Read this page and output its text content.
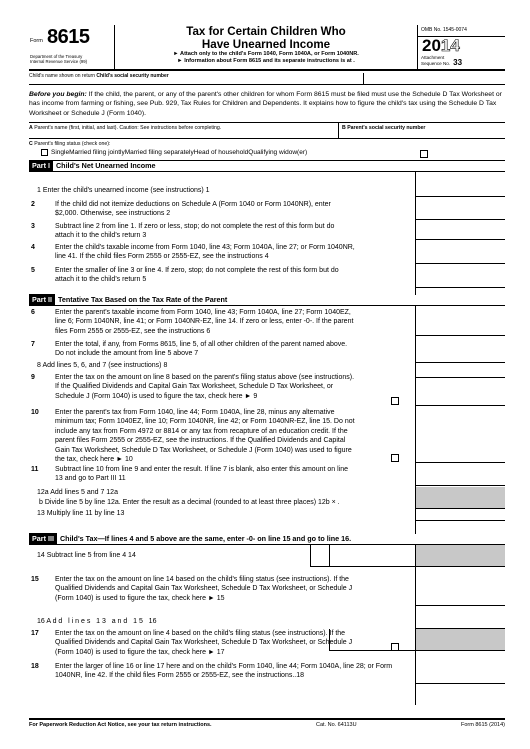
Form 8615
Department of the Treasury
Internal Revenue Service (99)
Tax for Certain Children Who
Have Unearned Income
► Attach only to the child's Form 1040, Form 1040A, or Form 1040NR.
► Information about Form 8615 and its separate instructions is at .
OMB No. 1545-0074
2014
Attachment
Sequence No. 33
Child's name shown on return Child's social security number
Before you begin: If the child, the parent, or any of the parent's other children for whom Form 8615 must be filed must use the Schedule D Tax Worksheet or has income from farming or fishing, see Pub. 929, Tax Rules for Children and Dependents. It explains how to figure the child's tax using the Schedule D Tax Worksheet or Schedule J (Form 1040).
A Parent's name (first, initial, and last). Caution: See instructions before completing.	B Parent's social security number
C Parent's filing status (check one):
SingleMarried filing jointlyMarried filing separatelyHead of householdQualifying widow(er)
Part I Child's Net Unearned Income
1 Enter the child's unearned income (see instructions) 1
2	If the child did not itemize deductions on Schedule A (Form 1040 or Form 1040NR), enter $2,000. Otherwise, see instructions 2
3	Subtract line 2 from line 1. If zero or less, stop; do not complete the rest of this form but do attach it to the child's return 3
4	Enter the child's taxable income from Form 1040, line 43; Form 1040A, line 27; or Form 1040NR, line 41. If the child files Form 2555 or 2555-EZ, see the instructions 4
5	Enter the smaller of line 3 or line 4. If zero, stop; do not complete the rest of this form but do attach it to the child's return 5
Part II Tentative Tax Based on the Tax Rate of the Parent
6	Enter the parent's taxable income from Form 1040, line 43; Form 1040A, line 27; Form 1040EZ, line 6; Form 1040NR, line 41; or Form 1040NR-EZ, line 14. If zero or less, enter -0-. If the parent files Form 2555 or 2555-EZ, see the instructions 6
7	Enter the total, if any, from Forms 8615, line 5, of all other children of the parent named above. Do not include the amount from line 5 above 7
8 Add lines 5, 6, and 7 (see instructions) 8
9	Enter the tax on the amount on line 8 based on the parent's filing status above (see instructions). If the Qualified Dividends and Capital Gain Tax Worksheet, Schedule D Tax Worksheet, or Schedule J (Form 1040) is used to figure the tax, check here ► 9
10 Enter the parent's tax from Form 1040, line 44; Form 1040A, line 28, minus any alternative minimum tax; Form 1040EZ, line 10; Form 1040NR, line 42; or Form 1040NR-EZ, line 15. Do not include any tax from Form 4972 or 8814 or any tax from recapture of an education credit. If the parent files Form 2555 or 2555-EZ, see the instructions. If the Qualified Dividends and Capital Gain Tax Worksheet, Schedule D Tax Worksheet, or Schedule J (Form 1040) was used to figure the tax, check here ► 10
11 Subtract line 10 from line 9 and enter the result. If line 7 is blank, also enter this amount on line 13 and go to Part III 11
12a Add lines 5 and 7 12a
b Divide line 5 by line 12a. Enter the result as a decimal (rounded to at least three places) 12b × .
13 Multiply line 11 by line 13
Part III Child's Tax—If lines 4 and 5 above are the same, enter -0- on line 15 and go to line 16.
14 Subtract line 5 from line 4 14
15 Enter the tax on the amount on line 14 based on the child's filing status (see instructions). If the Qualified Dividends and Capital Gain Tax Worksheet, Schedule D Tax Worksheet, or Schedule J (Form 1040) is used to figure the tax, check here ► 15
16 A d d   l i n e s   1 3   a n d   1 5   16
17 Enter the tax on the amount on line 4 based on the child's filing status (see instructions). If the Qualified Dividends and Capital Gain Tax Worksheet, Schedule D Tax Worksheet, or Schedule J (Form 1040) is used to figure the tax, check here ► 17
18 Enter the larger of line 16 or line 17 here and on the child's Form 1040, line 44; Form 1040A, line 28; or Form 1040NR, line 42. If the child files Form 2555 or 2555-EZ, see the instructions..18
For Paperwork Reduction Act Notice, see your tax return instructions.	Cat. No. 64113U	Form 8615 (2014)
